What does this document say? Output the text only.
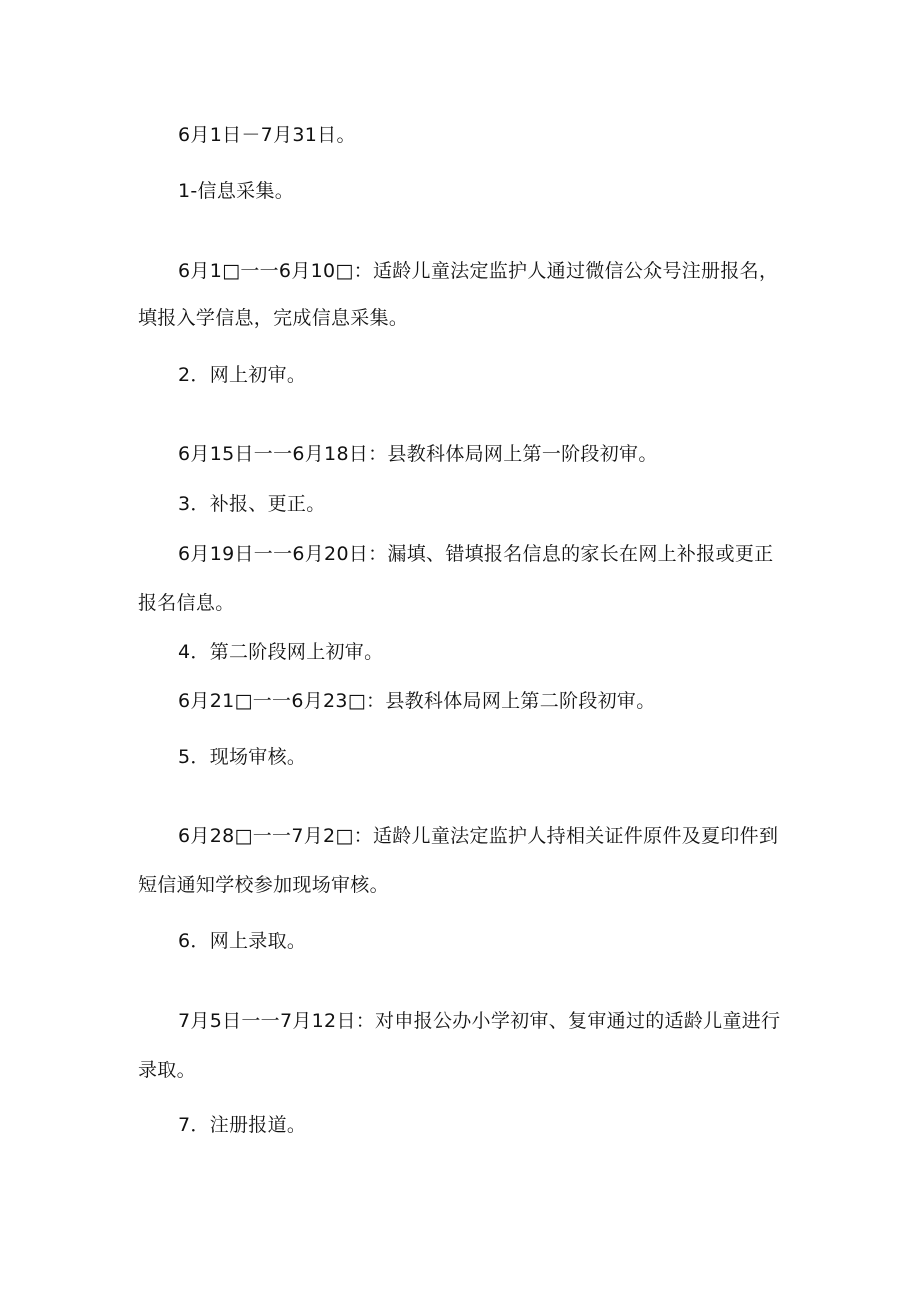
6月1日－7月31日。

1-信息采集。

6月1□一一6月10□：适龄儿童法定监护人通过微信公众号注册报名，

填报入学信息，完成信息采集。

2．网上初审。

6月15日一一6月18日：县教科体局网上第一阶段初审。

3．补报、更正。

6月19日一一6月20日：漏填、错填报名信息的家长在网上补报或更正

报名信息。

4．第二阶段网上初审。

6月21□一一6月23□：县教科体局网上第二阶段初审。

5．现场审核。

6月28□一一7月2□：适龄儿童法定监护人持相关证件原件及夏印件到

短信通知学校参加现场审核。

6．网上录取。

7月5日一一7月12日：对申报公办小学初审、复审通过的适龄儿童进行

录取。

7．注册报道。
